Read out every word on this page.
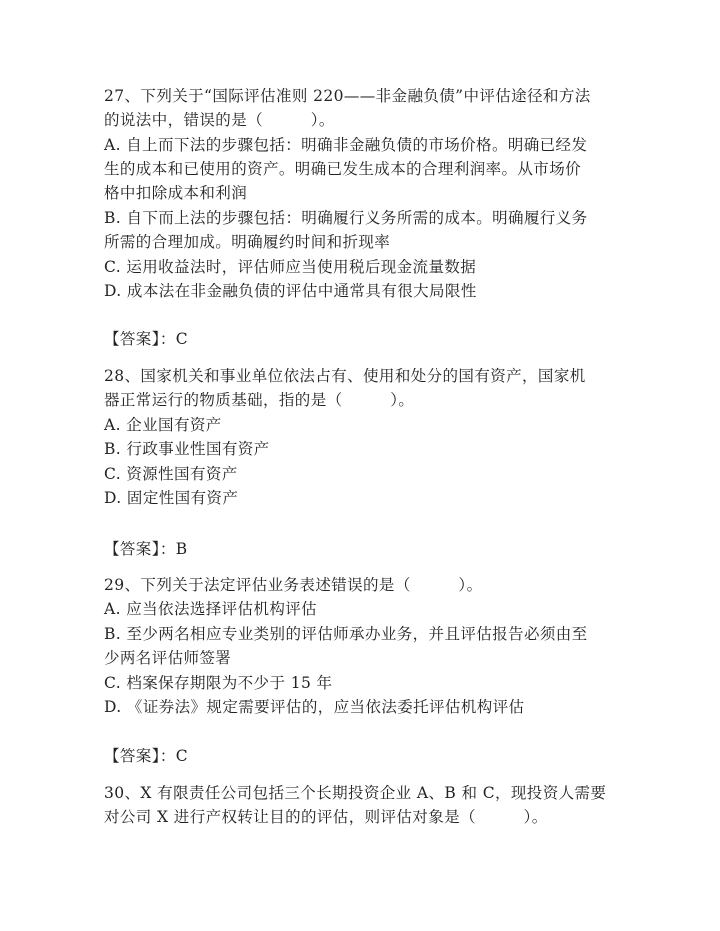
27、下列关于“国际评估准则 220——非金融负债”中评估途径和方法
的说法中，错误的是（　　　）。
A. 自上而下法的步骤包括：明确非金融负债的市场价格。明确已经发
生的成本和已使用的资产。明确已发生成本的合理利润率。从市场价
格中扣除成本和利润
B. 自下而上法的步骤包括：明确履行义务所需的成本。明确履行义务
所需的合理加成。明确履约时间和折现率
C. 运用收益法时，评估师应当使用税后现金流量数据
D. 成本法在非金融负债的评估中通常具有很大局限性
【答案】：C
28、国家机关和事业单位依法占有、使用和处分的国有资产，国家机
器正常运行的物质基础，指的是（　　　）。
A. 企业国有资产
B. 行政事业性国有资产
C. 资源性国有资产
D. 固定性国有资产
【答案】：B
29、下列关于法定评估业务表述错误的是（　　　）。
A. 应当依法选择评估机构评估
B. 至少两名相应专业类别的评估师承办业务，并且评估报告必须由至
少两名评估师签署
C. 档案保存期限为不少于 15 年
D. 《证券法》规定需要评估的，应当依法委托评估机构评估
【答案】：C
30、X 有限责任公司包括三个长期投资企业 A、B 和 C，现投资人需要
对公司 X 进行产权转让目的的评估，则评估对象是（　　　）。
